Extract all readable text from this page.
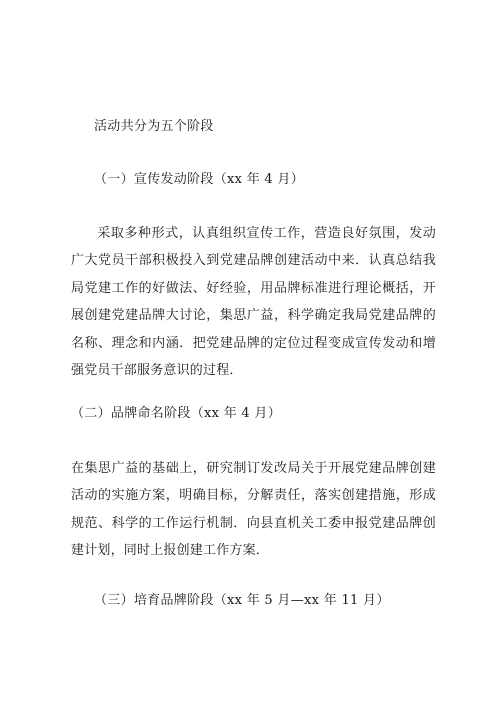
活动共分为五个阶段
（一）宣传发动阶段（xx 年 4 月）
采取多种形式，认真组织宣传工作，营造良好氛围，发动广大党员干部积极投入到党建品牌创建活动中来．认真总结我局党建工作的好做法、好经验，用品牌标准进行理论概括，开展创建党建品牌大讨论，集思广益，科学确定我局党建品牌的名称、理念和内涵．把党建品牌的定位过程变成宣传发动和增强党员干部服务意识的过程．
（二）品牌命名阶段（xx 年 4 月）
在集思广益的基础上，研究制订发改局关于开展党建品牌创建活动的实施方案，明确目标，分解责任，落实创建措施，形成规范、科学的工作运行机制．向县直机关工委申报党建品牌创建计划，同时上报创建工作方案．
（三）培育品牌阶段（xx 年 5 月—xx 年 11 月）
